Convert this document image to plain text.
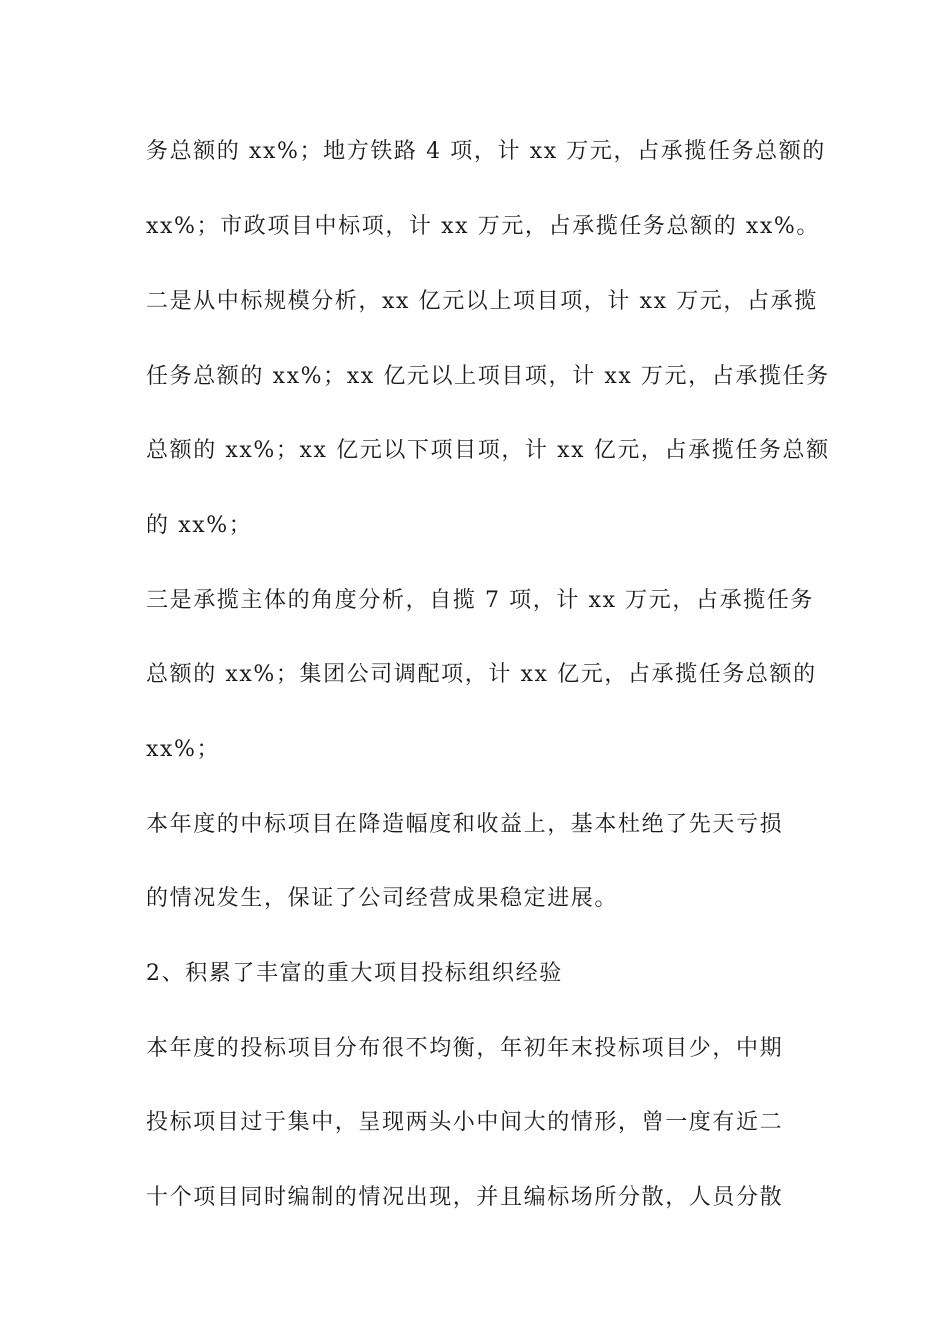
务总额的 xx%；地方铁路 4 项，计 xx 万元，占承揽任务总额的
xx%；市政项目中标项，计 xx 万元，占承揽任务总额的 xx%。
二是从中标规模分析，xx 亿元以上项目项，计 xx 万元，占承揽
任务总额的 xx%；xx 亿元以上项目项，计 xx 万元，占承揽任务
总额的 xx%；xx 亿元以下项目项，计 xx 亿元，占承揽任务总额
的 xx%；
三是承揽主体的角度分析，自揽 7 项，计 xx 万元，占承揽任务
总额的 xx%；集团公司调配项，计 xx 亿元，占承揽任务总额的
xx%；
本年度的中标项目在降造幅度和收益上，基本杜绝了先天亏损
的情况发生，保证了公司经营成果稳定进展。
2、积累了丰富的重大项目投标组织经验
本年度的投标项目分布很不均衡，年初年末投标项目少，中期
投标项目过于集中，呈现两头小中间大的情形，曾一度有近二
十个项目同时编制的情况出现，并且编标场所分散，人员分散
